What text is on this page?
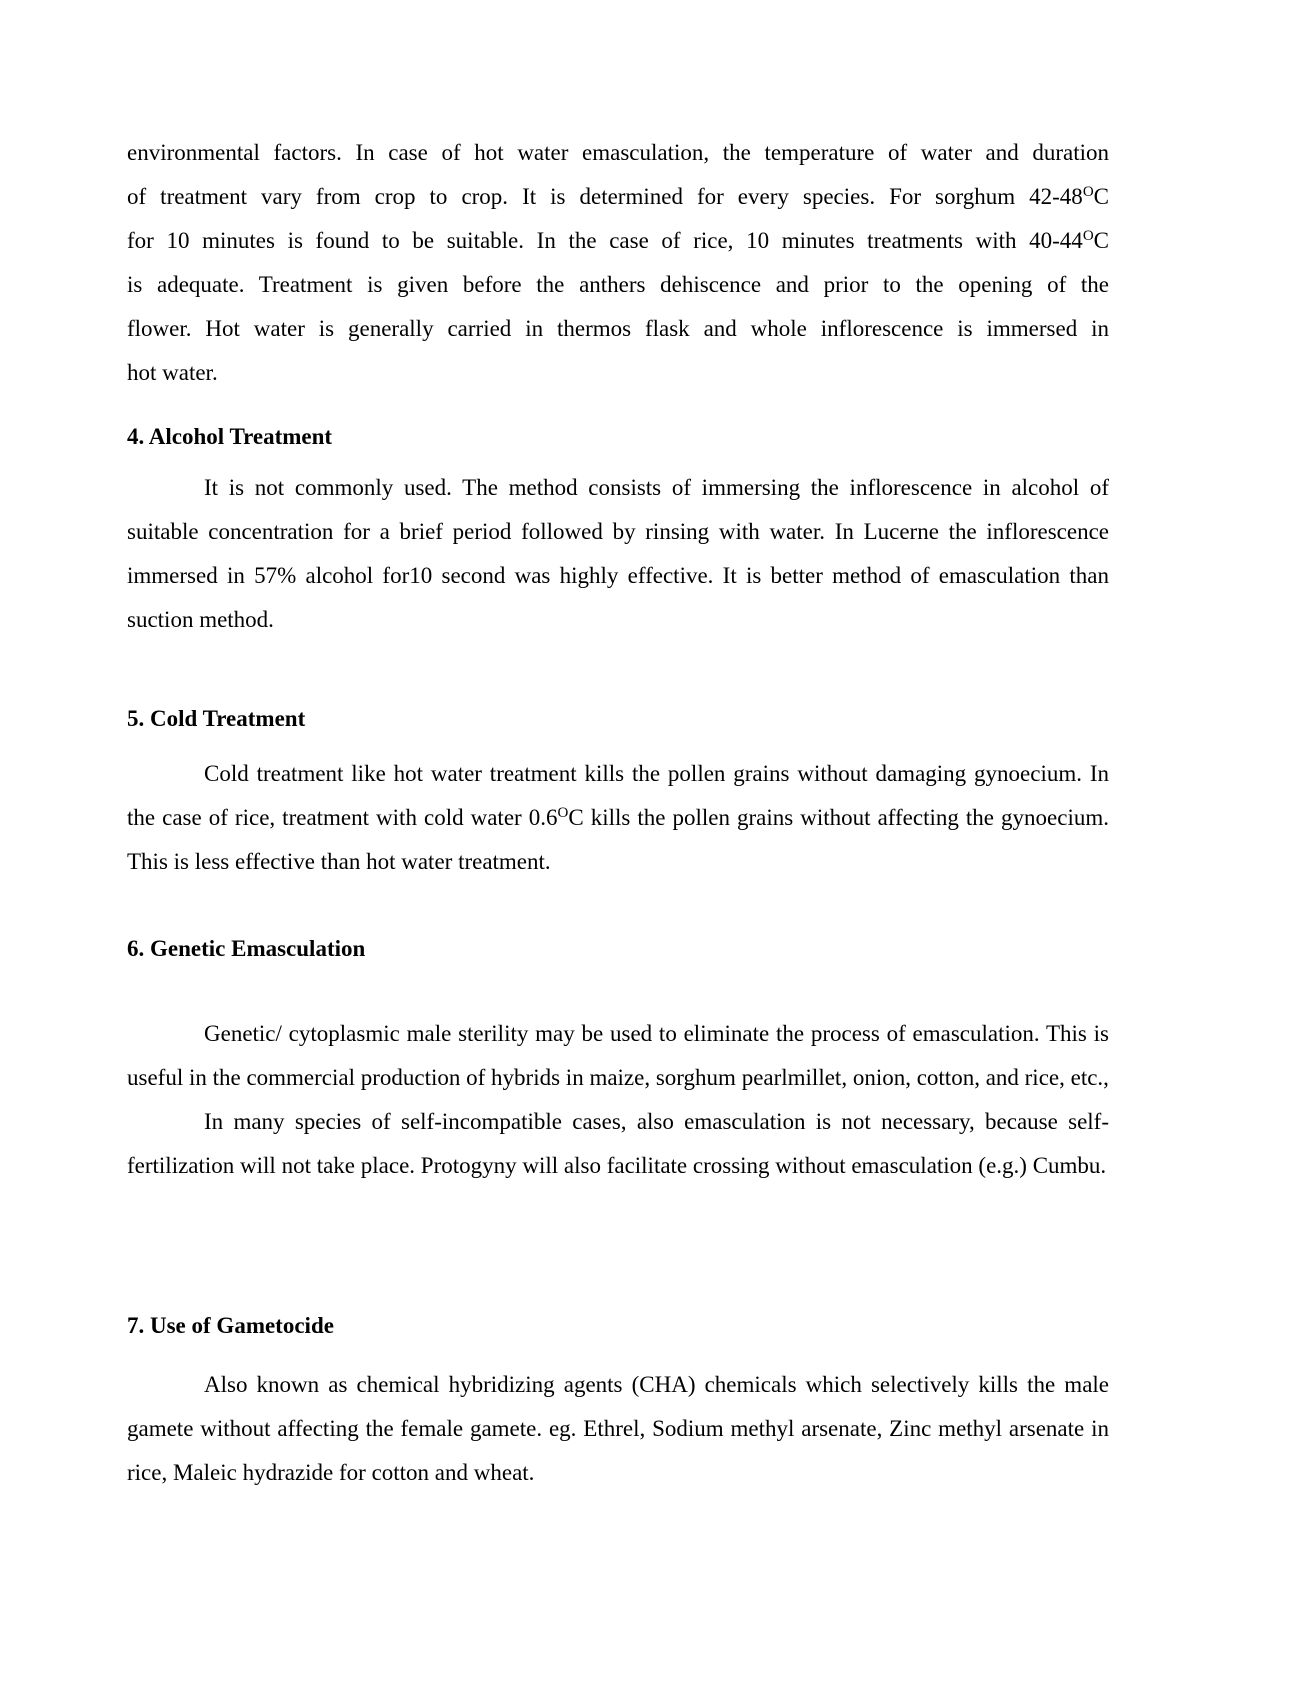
environmental factors. In case of hot water emasculation, the temperature of water and duration

of treatment vary from crop to crop. It is determined for every species. For sorghum $42-48^OC$

for 10 minutes is found to be suitable. In the case of rice, 10 minutes treatments with $40-44^OC$

is adequate. Treatment is given before the anthers dehiscence and prior to the opening of the

flower. Hot water is generally carried in thermos flask and whole inflorescence is immersed in

hot water.

4. Alcohol Treatment

It is not commonly used. The method consists of immersing the inflorescence in alcohol of suitable concentration for a brief period followed by rinsing with water. In Lucerne the inflorescence immersed in 57% alcohol for10 second was highly effective. It is better method of emasculation than suction method.

5. Cold Treatment

Cold treatment like hot water treatment kills the pollen grains without damaging gynoecium. In the case of rice, treatment with cold water $0.6^OC$ kills the pollen grains without affecting the gynoecium. This is less effective than hot water treatment.

6. Genetic Emasculation

Genetic/ cytoplasmic male sterility may be used to eliminate the process of emasculation. This is useful in the commercial production of hybrids in maize, sorghum pearlmillet, onion, cotton, and rice, etc.,

In many species of self-incompatible cases, also emasculation is not necessary, because self-fertilization will not take place. Protogyny will also facilitate crossing without emasculation (e.g.) Cumbu.

7. Use of Gametocide

Also known as chemical hybridizing agents (CHA) chemicals which selectively kills the male gamete without affecting the female gamete. eg. Ethrel, Sodium methyl arsenate, Zinc methyl arsenate in rice, Maleic hydrazide for cotton and wheat.
